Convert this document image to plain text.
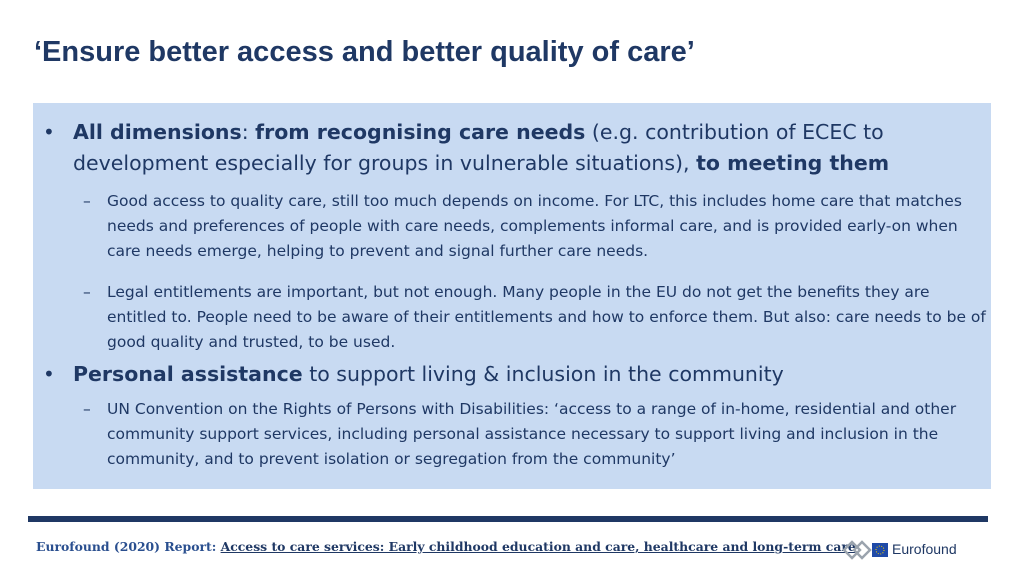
‘Ensure better access and better quality of care’
• All dimensions: from recognising care needs (e.g. contribution of ECEC to development especially for groups in vulnerable situations), to meeting them
– Good access to quality care, still too much depends on income. For LTC, this includes home care that matches needs and preferences of people with care needs, complements informal care, and is provided early-on when care needs emerge, helping to prevent and signal further care needs.
– Legal entitlements are important, but not enough. Many people in the EU do not get the benefits they are entitled to. People need to be aware of their entitlements and how to enforce them. But also: care needs to be of good quality and trusted, to be used.
• Personal assistance to support living & inclusion in the community
– UN Convention on the Rights of Persons with Disabilities: ‘access to a range of in-home, residential and other community support services, including personal assistance necessary to support living and inclusion in the community, and to prevent isolation or segregation from the community’
Eurofound (2020) Report: Access to care services: Early childhood education and care, healthcare and long-term care	Eurofound
